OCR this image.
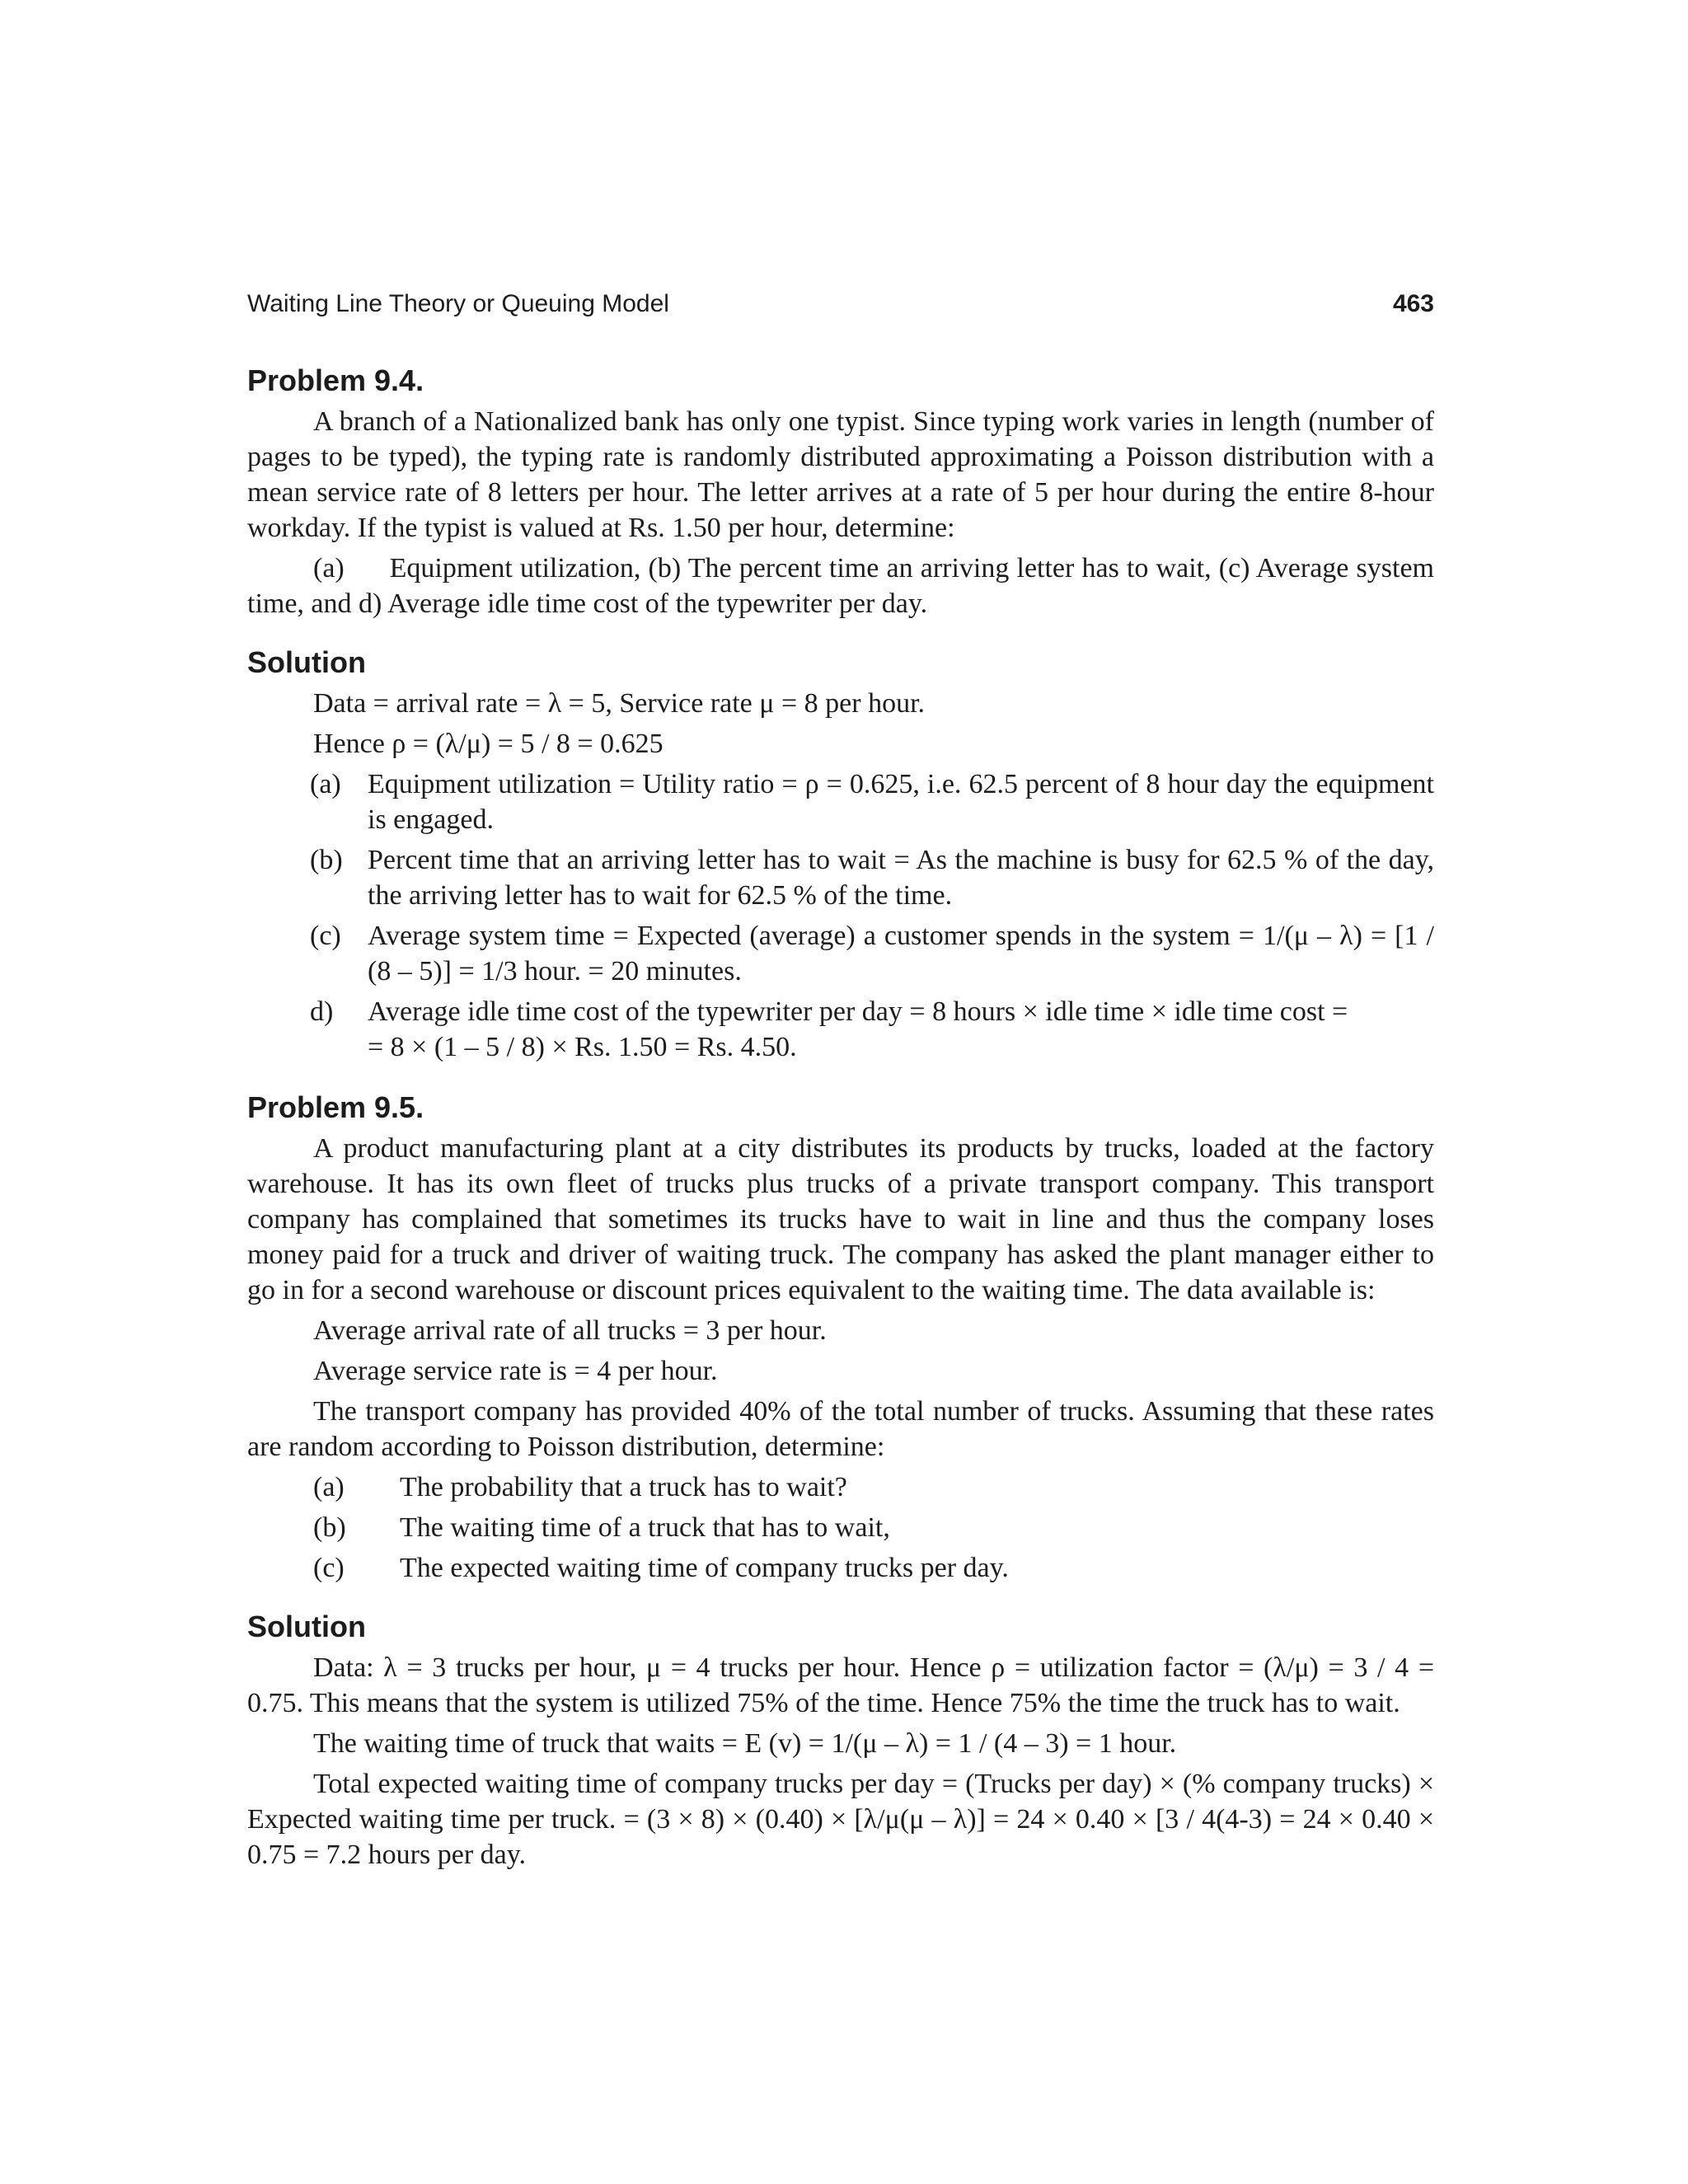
Waiting Line Theory or Queuing Model	463
Problem 9.4.

A branch of a Nationalized bank has only one typist. Since typing work varies in length (number of pages to be typed), the typing rate is randomly distributed approximating a Poisson distribution with a mean service rate of 8 letters per hour. The letter arrives at a rate of 5 per hour during the entire 8-hour workday. If the typist is valued at Rs. 1.50 per hour, determine:

(a) Equipment utilization, (b) The percent time an arriving letter has to wait, (c) Average system time, and d) Average idle time cost of the typewriter per day.

Solution
Data = arrival rate = λ = 5, Service rate μ = 8 per hour.
Hence ρ = (λ/μ) = 5 / 8 = 0.625
(a) Equipment utilization = Utility ratio = ρ = 0.625, i.e. 62.5 percent of 8 hour day the equipment is engaged.
(b) Percent time that an arriving letter has to wait = As the machine is busy for 62.5 % of the day, the arriving letter has to wait for 62.5 % of the time.
(c) Average system time = Expected (average) a customer spends in the system = 1/(μ – λ) = [1 / (8 – 5)] = 1/3 hour. = 20 minutes.
d)	Average idle time cost of the typewriter per day = 8 hours × idle time × idle time cost =
= 8 × (1 – 5 / 8) × Rs. 1.50 = Rs. 4.50.
Problem 9.5.

A product manufacturing plant at a city distributes its products by trucks, loaded at the factory warehouse. It has its own fleet of trucks plus trucks of a private transport company. This transport company has complained that sometimes its trucks have to wait in line and thus the company loses money paid for a truck and driver of waiting truck. The company has asked the plant manager either to go in for a second warehouse or discount prices equivalent to the waiting time. The data available is:

Average arrival rate of all trucks = 3 per hour.
Average service rate is = 4 per hour.

The transport company has provided 40% of the total number of trucks. Assuming that these rates are random according to Poisson distribution, determine:

(a)	The probability that a truck has to wait?
(b)	The waiting time of a truck that has to wait,
(c)	The expected waiting time of company trucks per day.
Solution

Data: λ = 3 trucks per hour, μ = 4 trucks per hour. Hence ρ = utilization factor = (λ/μ) = 3 / 4 = 0.75. This means that the system is utilized 75% of the time. Hence 75% the time the truck has to wait.

The waiting time of truck that waits = E (v) = 1/(μ – λ) = 1 / (4 – 3) = 1 hour.

Total expected waiting time of company trucks per day = (Trucks per day) × (% company trucks) × Expected waiting time per truck. = (3 × 8) × (0.40) × [λ/μ(μ – λ)] = 24 × 0.40 × [3 / 4(4-3) = 24 × 0.40 × 0.75 = 7.2 hours per day.
